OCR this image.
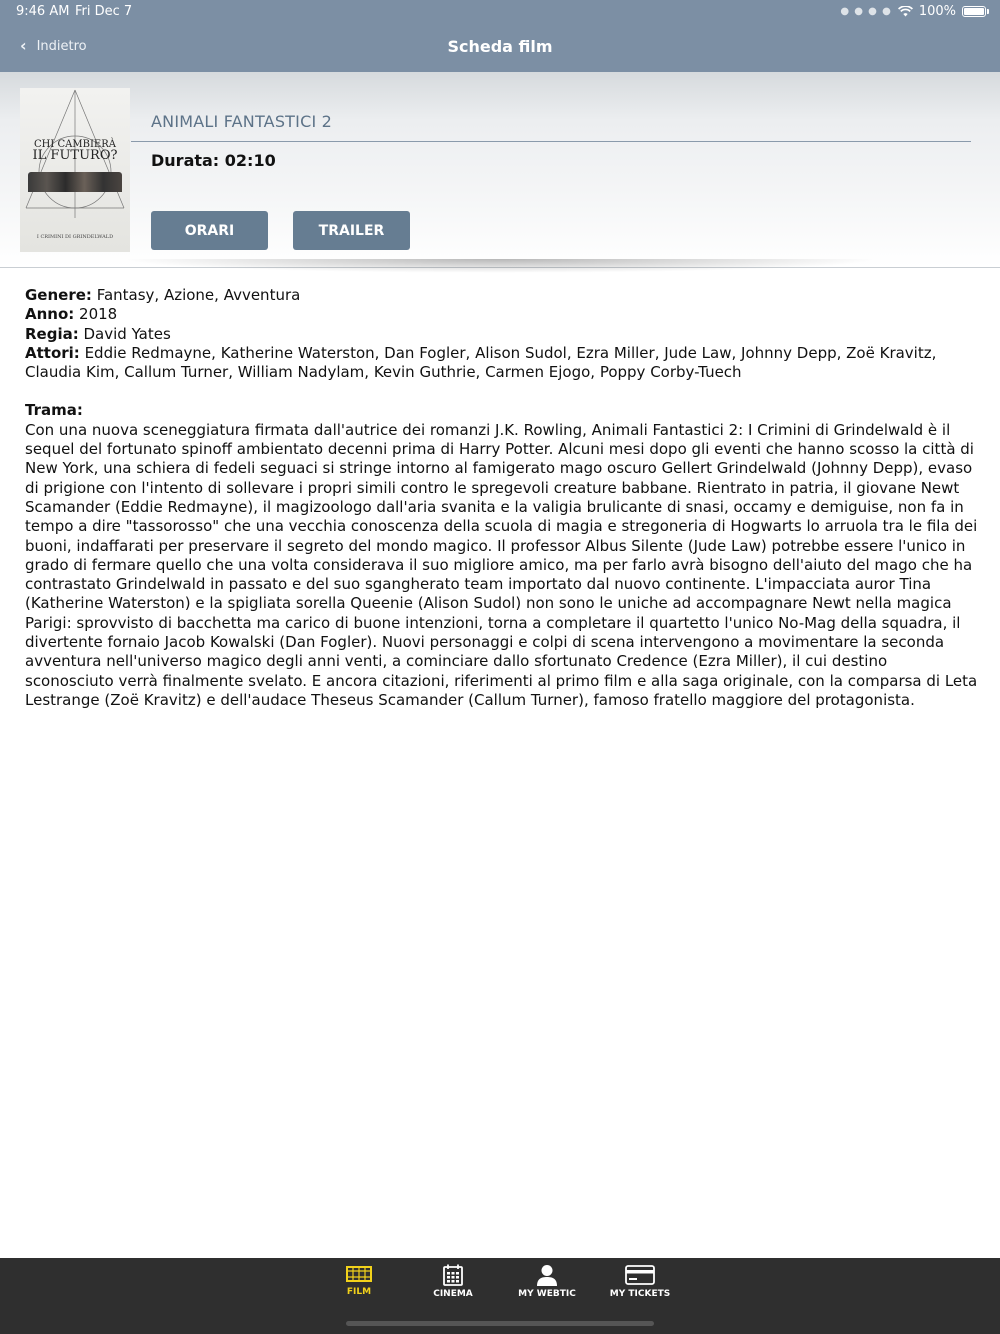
9:46 AM Fri Dec 7	● ● ● ● 100%
‹ Indietro	Scheda film
CHI CAMBIERÀ
IL FUTURO?
I CRIMINI DI GRINDELWALD
ANIMALI FANTASTICI 2
Durata: 02:10
ORARI	TRAILER

Genere: Fantasy, Azione, Avventura

Anno: 2018

Regia: David Yates

Attori: Eddie Redmayne, Katherine Waterston, Dan Fogler, Alison Sudol, Ezra Miller, Jude Law, Johnny Depp, Zoë Kravitz, Claudia Kim, Callum Turner, William Nadylam, Kevin Guthrie, Carmen Ejogo, Poppy Corby-Tuech

Trama:

Con una nuova sceneggiatura firmata dall'autrice dei romanzi J.K. Rowling, Animali Fantastici 2: I Crimini di Grindelwald è il sequel del fortunato spinoff ambientato decenni prima di Harry Potter. Alcuni mesi dopo gli eventi che hanno scosso la città di New York, una schiera di fedeli seguaci si stringe intorno al famigerato mago oscuro Gellert Grindelwald (Johnny Depp), evaso di prigione con l'intento di sollevare i propri simili contro le spregevoli creature babbane. Rientrato in patria, il giovane Newt Scamander (Eddie Redmayne), il magizoologo dall'aria svanita e la valigia brulicante di snasi, occamy e demiguise, non fa in tempo a dire "tassorosso" che una vecchia conoscenza della scuola di magia e stregoneria di Hogwarts lo arruola tra le fila dei buoni, indaffarati per preservare il segreto del mondo magico. Il professor Albus Silente (Jude Law) potrebbe essere l'unico in grado di fermare quello che una volta considerava il suo migliore amico, ma per farlo avrà bisogno dell'aiuto del mago che ha contrastato Grindelwald in passato e del suo sgangherato team importato dal nuovo continente. L'impacciata auror Tina (Katherine Waterston) e la spigliata sorella Queenie (Alison Sudol) non sono le uniche ad accompagnare Newt nella magica Parigi: sprovvisto di bacchetta ma carico di buone intenzioni, torna a completare il quartetto l'unico No-Mag della squadra, il divertente fornaio Jacob Kowalski (Dan Fogler). Nuovi personaggi e colpi di scena intervengono a movimentare la seconda avventura nell'universo magico degli anni venti, a cominciare dallo sfortunato Credence (Ezra Miller), il cui destino sconosciuto verrà finalmente svelato. E ancora citazioni, riferimenti al primo film e alla saga originale, con la comparsa di Leta Lestrange (Zoë Kravitz) e dell'audace Theseus Scamander (Callum Turner), famoso fratello maggiore del protagonista.

FILM	CINEMA	MY WEBTIC	MY TICKETS
